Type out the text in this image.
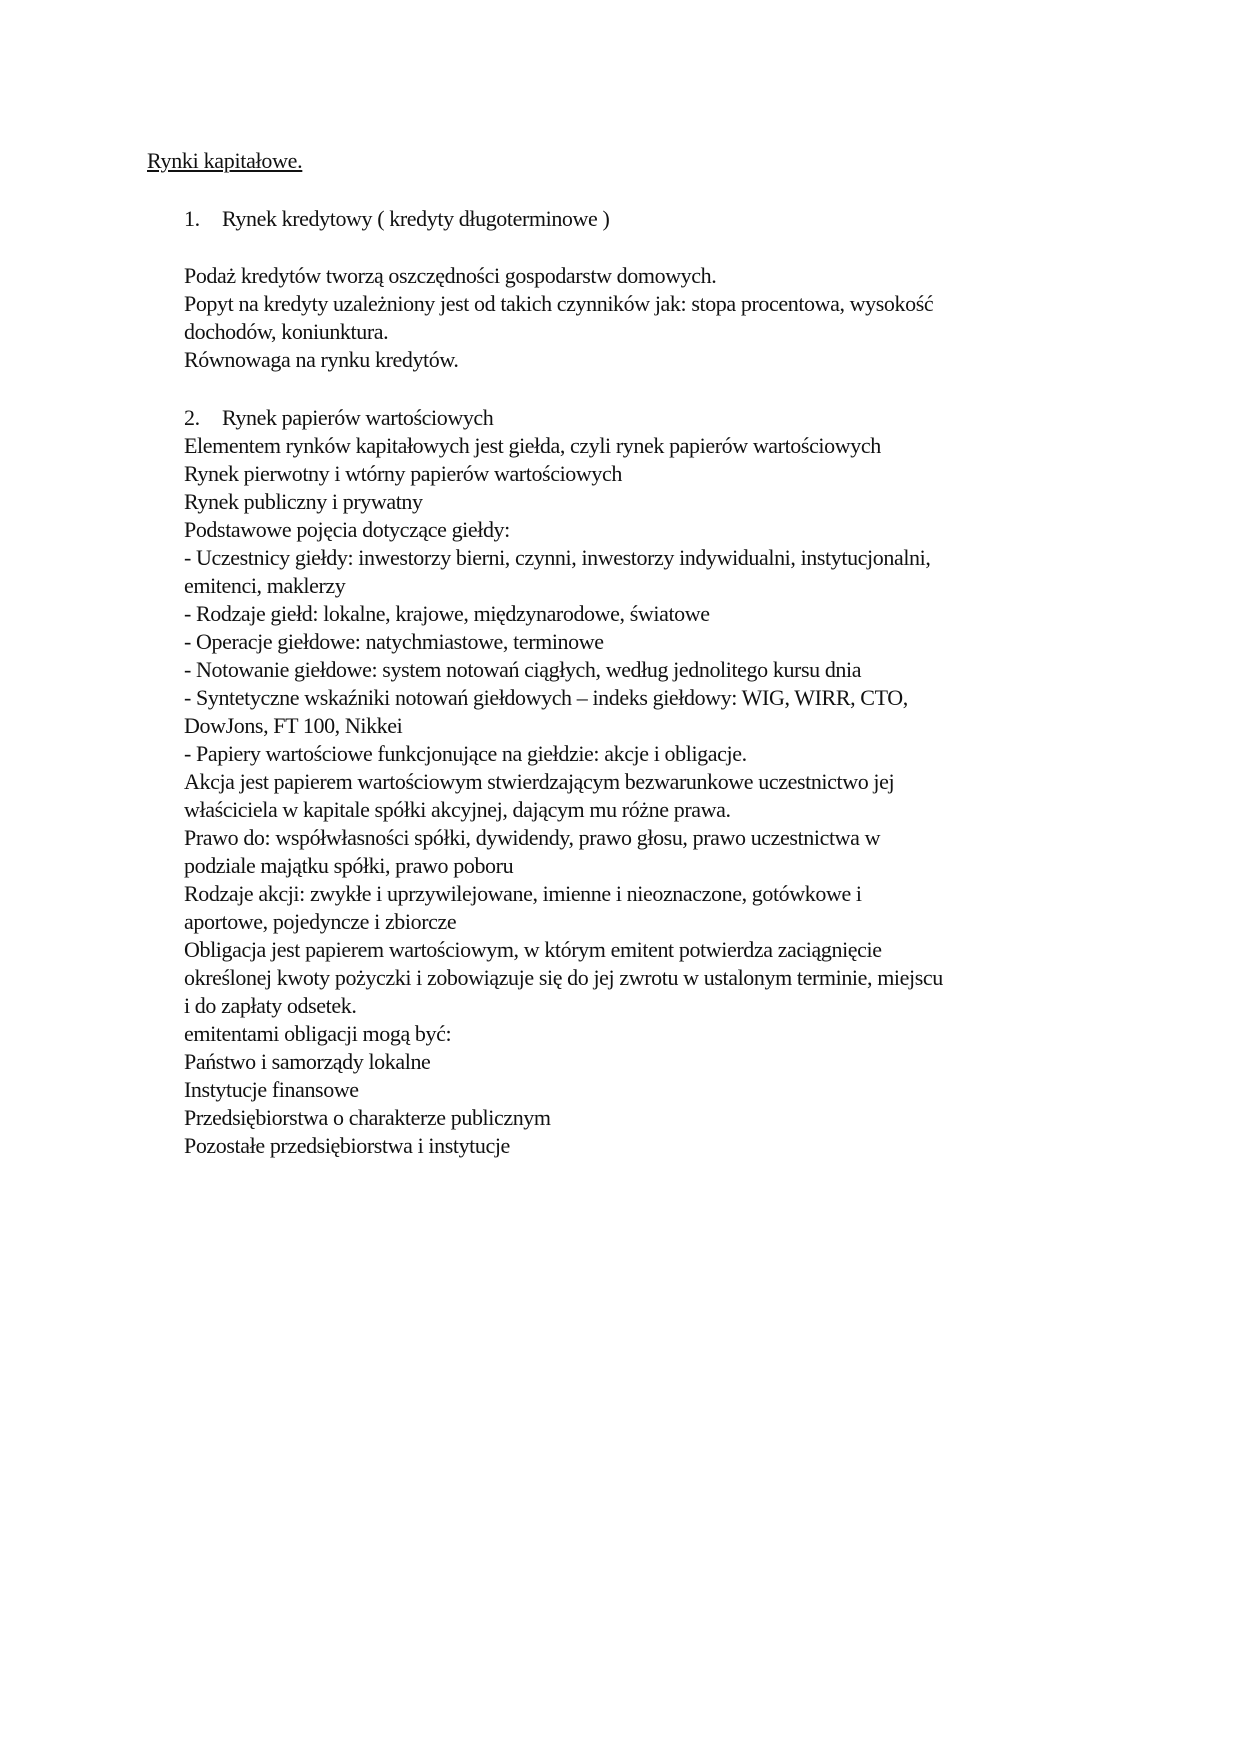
Rynki kapitałowe.
1. Rynek kredytowy ( kredyty długoterminowe )
Podaż kredytów tworzą oszczędności gospodarstw domowych.
Popyt na kredyty uzależniony jest od takich czynników jak: stopa procentowa, wysokość
dochodów, koniunktura.
Równowaga na rynku kredytów.
2. Rynek papierów wartościowych
Elementem rynków kapitałowych jest giełda, czyli rynek papierów wartościowych
Rynek pierwotny i wtórny papierów wartościowych
Rynek publiczny i prywatny
Podstawowe pojęcia dotyczące giełdy:
- Uczestnicy giełdy: inwestorzy bierni, czynni, inwestorzy indywidualni, instytucjonalni,
emitenci, maklerzy
- Rodzaje giełd: lokalne, krajowe, międzynarodowe, światowe
- Operacje giełdowe: natychmiastowe, terminowe
- Notowanie giełdowe: system notowań ciągłych, według jednolitego kursu dnia
- Syntetyczne wskaźniki notowań giełdowych – indeks giełdowy: WIG, WIRR, CTO,
DowJons, FT 100, Nikkei
- Papiery wartościowe funkcjonujące na giełdzie: akcje i obligacje.
Akcja jest papierem wartościowym stwierdzającym bezwarunkowe uczestnictwo jej
właściciela w kapitale spółki akcyjnej, dającym mu różne prawa.
Prawo do: współwłasności spółki, dywidendy, prawo głosu, prawo uczestnictwa w
podziale majątku spółki, prawo poboru
Rodzaje akcji: zwykłe i uprzywilejowane, imienne i nieoznaczone, gotówkowe i
aportowe, pojedyncze i zbiorcze
Obligacja jest papierem wartościowym, w którym emitent potwierdza zaciągnięcie
określonej kwoty pożyczki i zobowiązuje się do jej zwrotu w ustalonym terminie, miejscu
i do zapłaty odsetek.
emitentami obligacji mogą być:
Państwo i samorządy lokalne
Instytucje finansowe
Przedsiębiorstwa o charakterze publicznym
Pozostałe przedsiębiorstwa i instytucje
